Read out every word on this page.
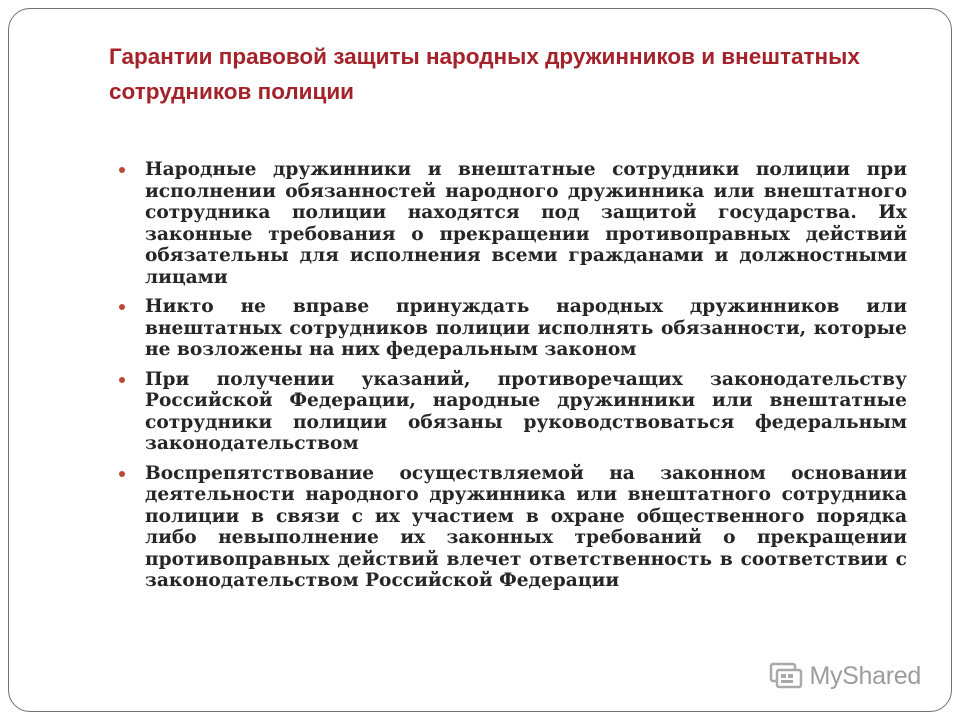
Гарантии правовой защиты народных дружинников и внештатных сотрудников полиции
Народные дружинники и внештатные сотрудники полиции при исполнении обязанностей народного дружинника или внештатного сотрудника полиции находятся под защитой государства. Их законные требования о прекращении противоправных действий обязательны для исполнения всеми гражданами и должностными лицами
Никто не вправе принуждать народных дружинников или внештатных сотрудников полиции исполнять обязанности, которые не возложены на них федеральным законом
При получении указаний, противоречащих законодательству Российской Федерации, народные дружинники или внештатные сотрудники полиции обязаны руководствоваться федеральным законодательством
Воспрепятствование осуществляемой на законном основании деятельности народного дружинника или внештатного сотрудника полиции в связи с их участием в охране общественного порядка либо невыполнение их законных требований о прекращении противоправных действий влечет ответственность в соответствии с законодательством Российской Федерации
MyShared
